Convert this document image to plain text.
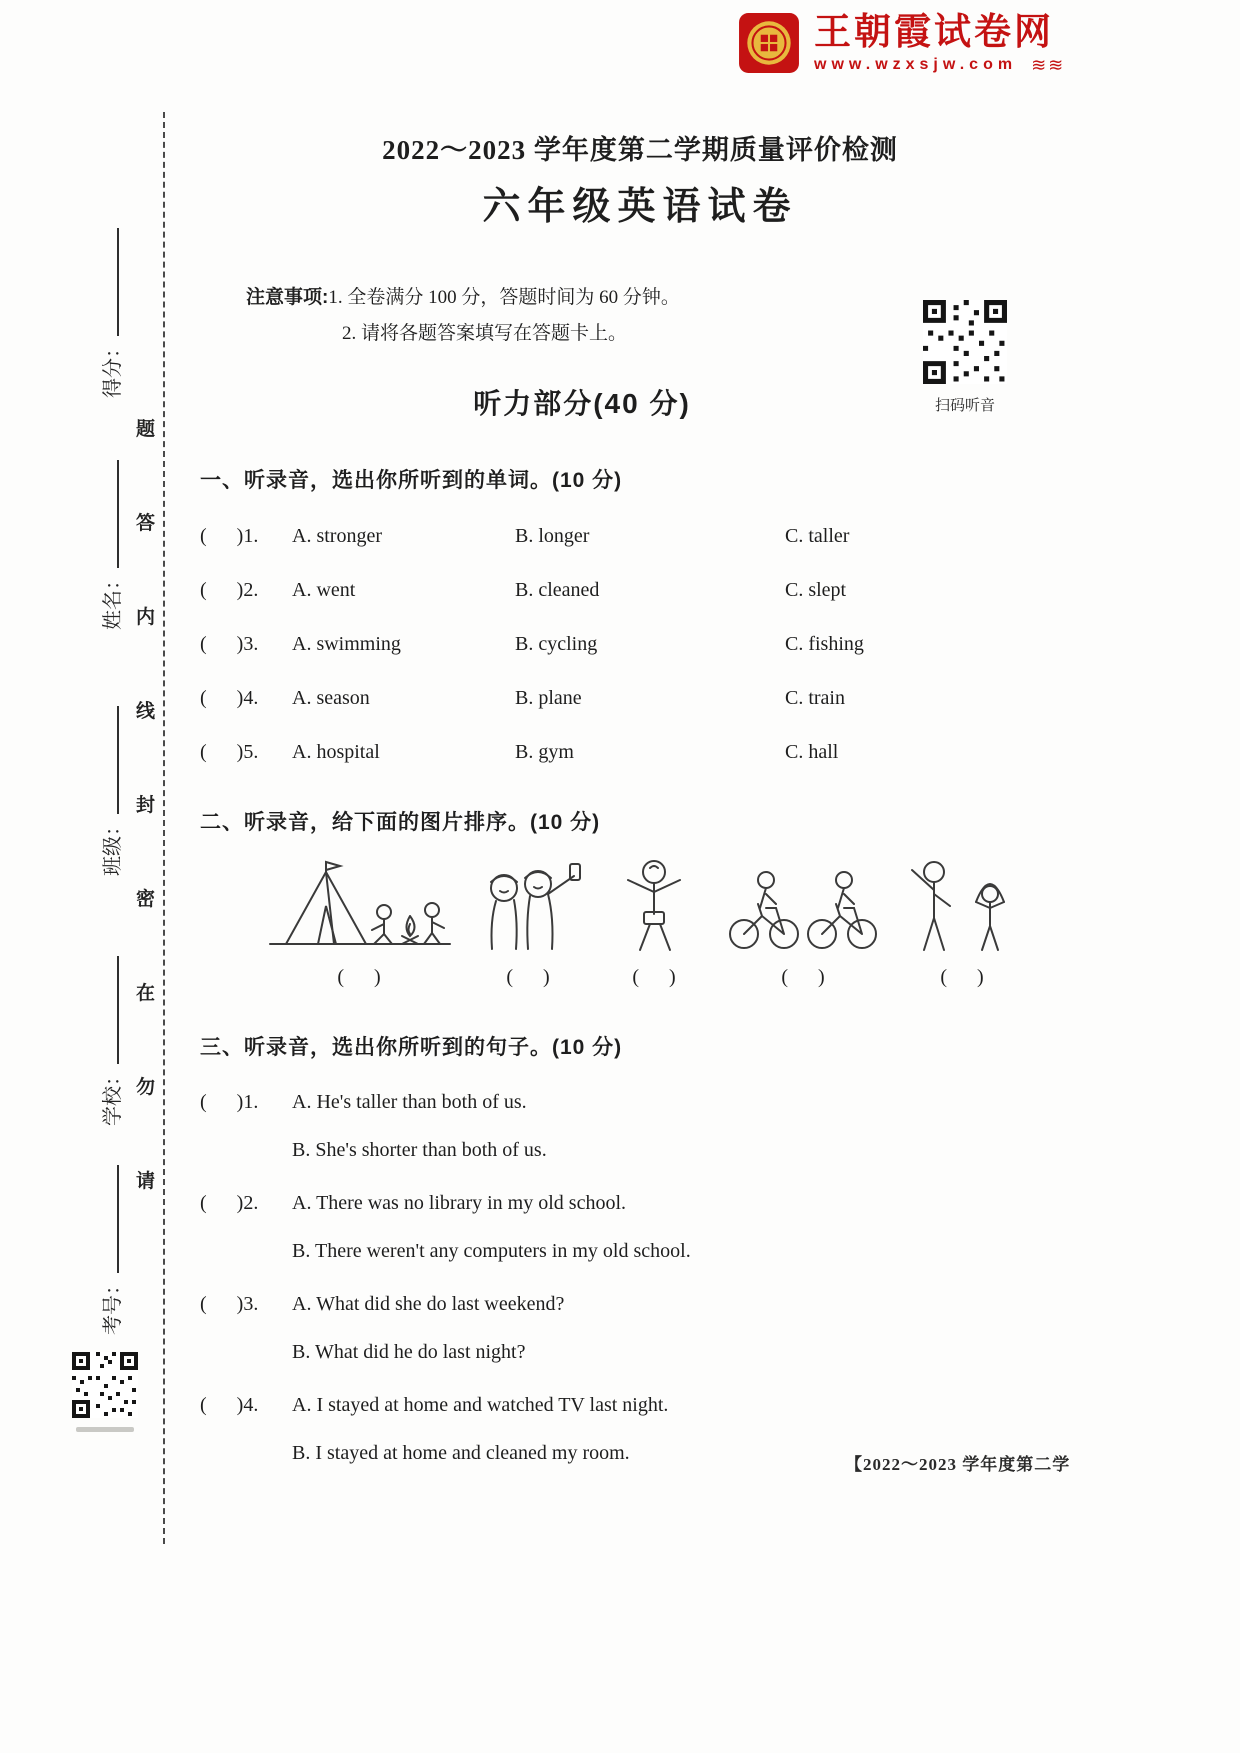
王朝霞试卷网
www.wzxsjw.com ≋≋
得分：
姓名：
班级：
学校：
考号：
题
答
内
线
封
密
在
勿
请
扫码听音
2022～2023 学年度第二学期质量评价检测
六年级英语试卷
注意事项:1. 全卷满分 100 分，答题时间为 60 分钟。
2. 请将各题答案填写在答题卡上。
听力部分(40 分)
一、听录音，选出你所听到的单词。(10 分)
(      )1. A. stronger	B. longer	C. taller
(      )2. A. went	B. cleaned	C. slept
(      )3. A. swimming	B. cycling	C. fishing
(      )4. A. season	B. plane	C. train
(      )5. A. hospital	B. gym	C. hall
二、听录音，给下面的图片排序。(10 分)
(      )	(      )	(      )	(      )	(      )
三、听录音，选出你所听到的句子。(10 分)
(      )1. A. He's taller than both of us.
B. She's shorter than both of us.
(      )2. A. There was no library in my old school.
B. There weren't any computers in my old school.
(      )3. A. What did she do last weekend?
B. What did he do last night?
(      )4. A. I stayed at home and watched TV last night.
B. I stayed at home and cleaned my room.
【2022～2023 学年度第二学
